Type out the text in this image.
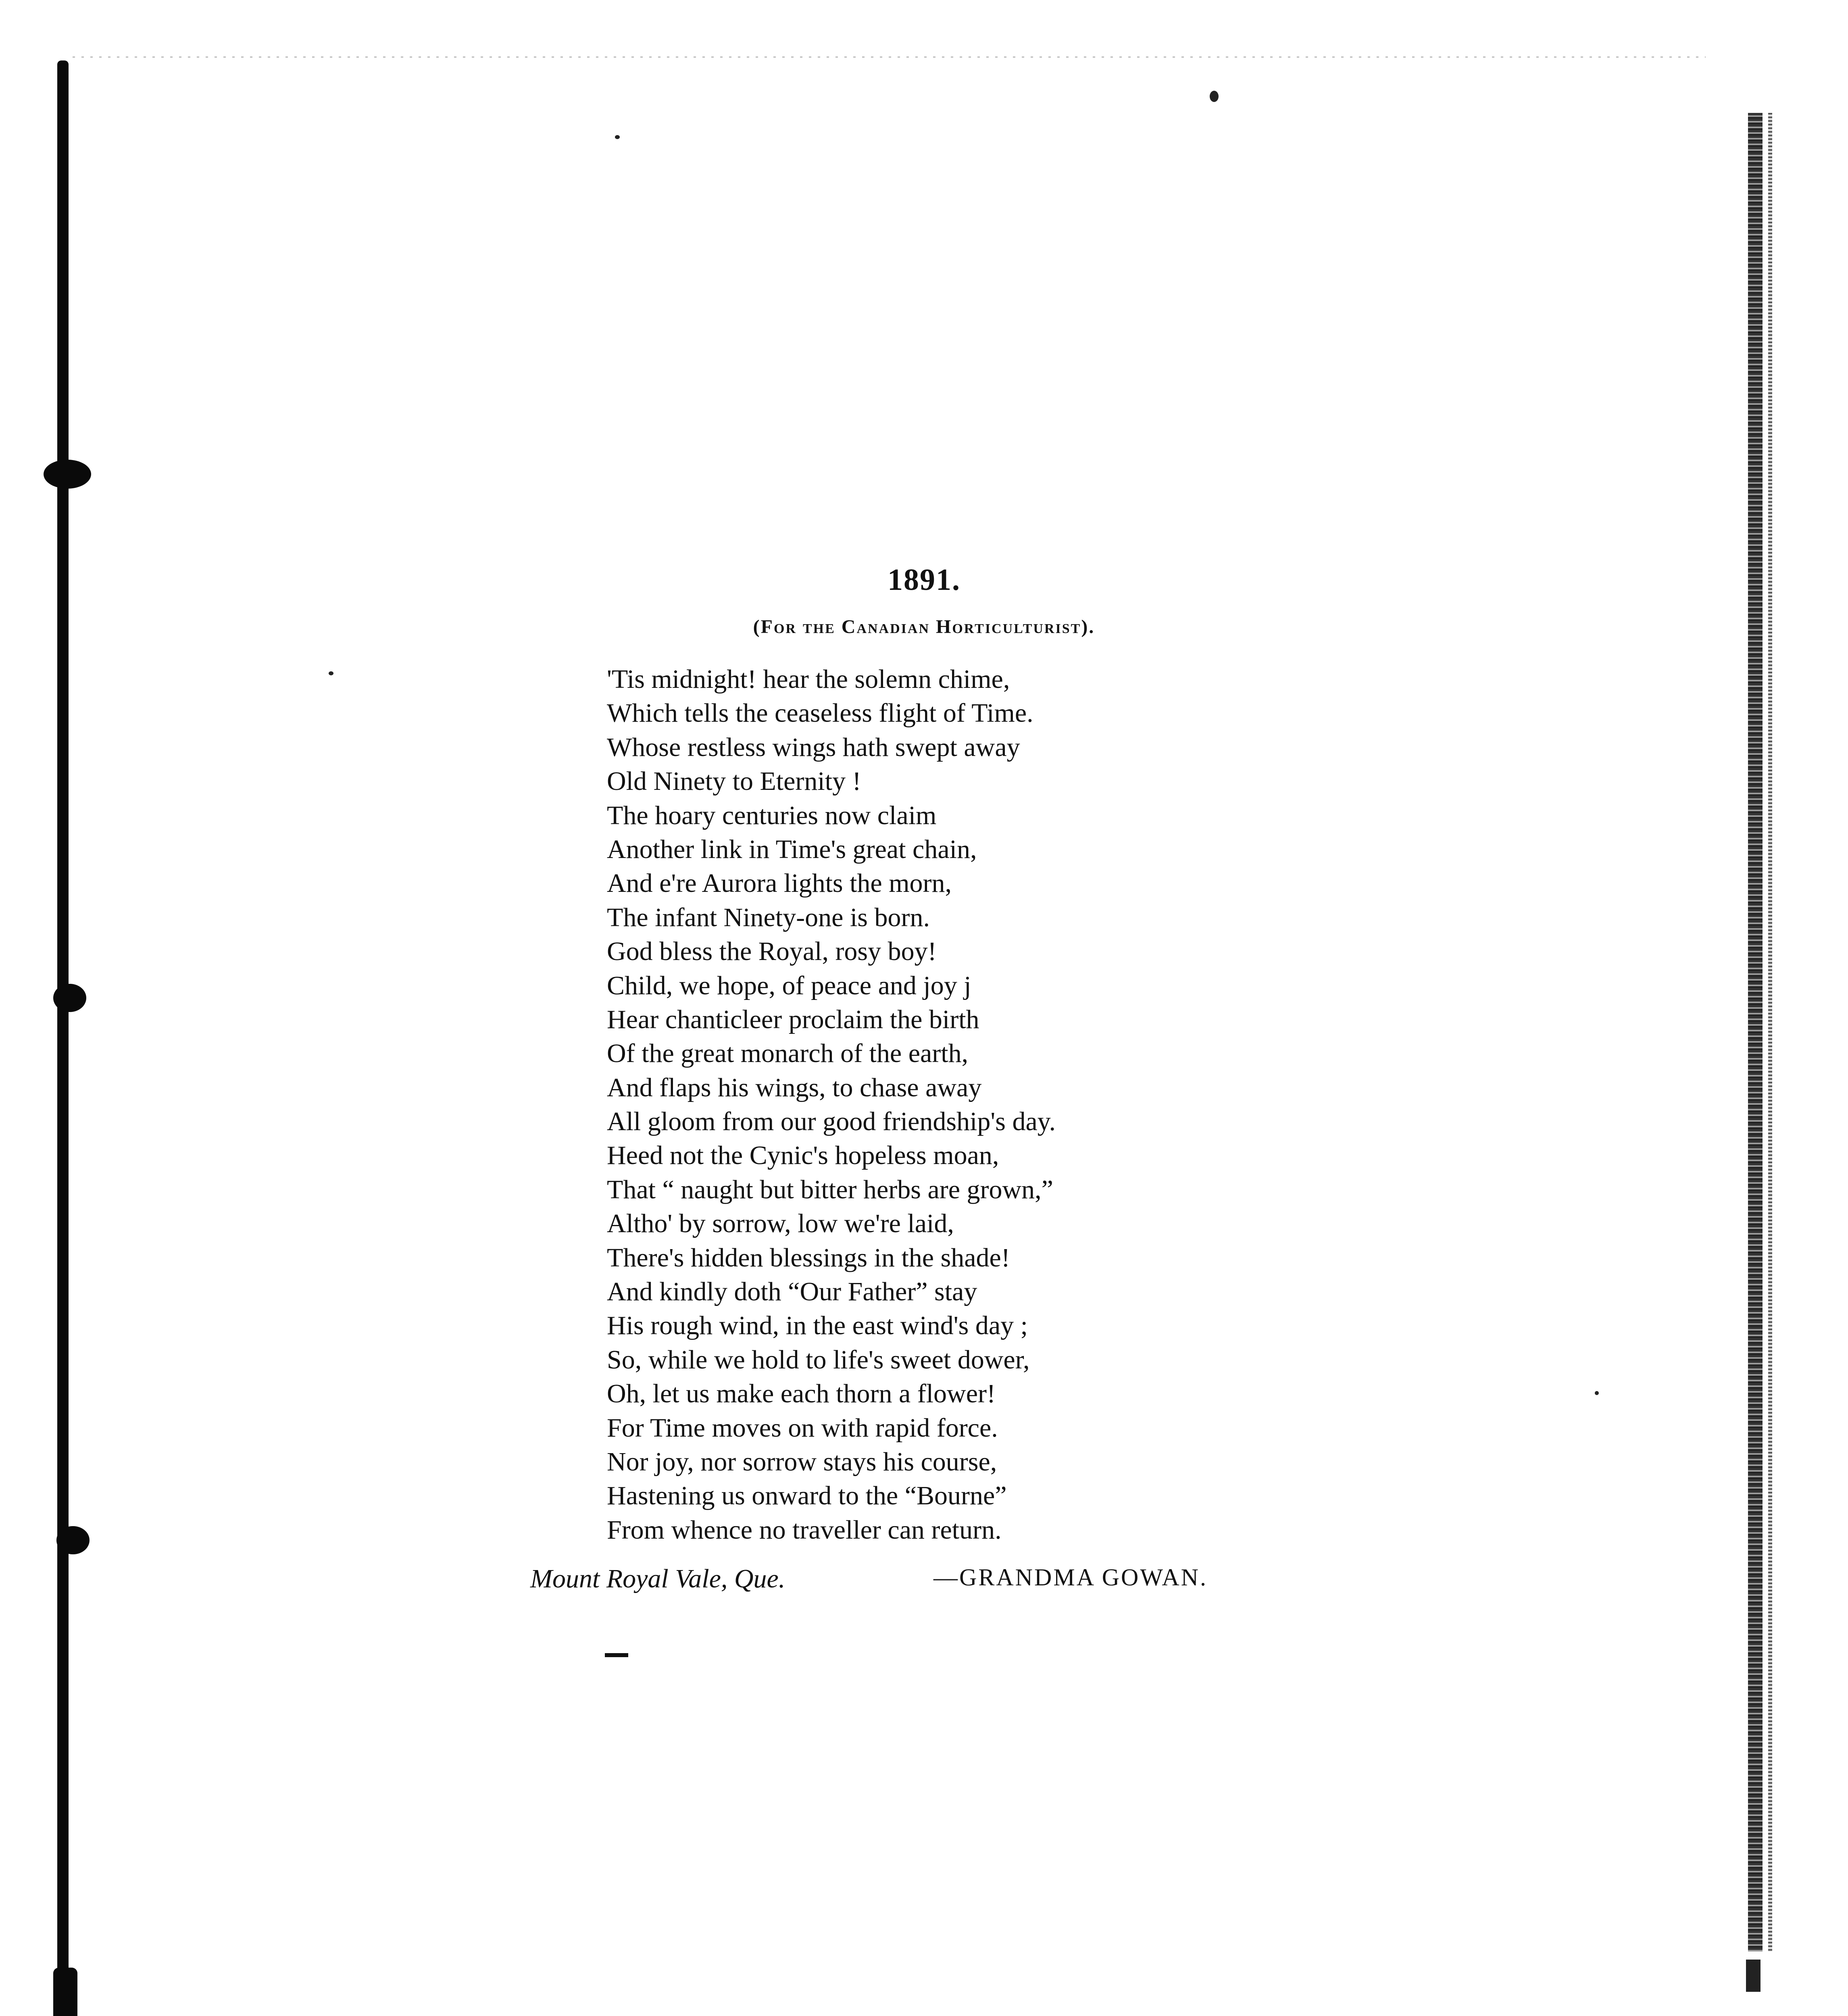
1891.
(For the Canadian Horticulturist).
'Tis midnight! hear the solemn chime,
Which tells the ceaseless flight of Time.
Whose restless wings hath swept away
Old Ninety to Eternity !
The hoary centuries now claim
Another link in Time's great chain,
And e're Aurora lights the morn,
The infant Ninety-one is born.
God bless the Royal, rosy boy!
Child, we hope, of peace and joy j
Hear chanticleer proclaim the birth
Of the great monarch of the earth,
And flaps his wings, to chase away
All gloom from our good friendship's day.
Heed not the Cynic's hopeless moan,
That “ naught but bitter herbs are grown,”
Altho' by sorrow, low we're laid,
There's hidden blessings in the shade!
And kindly doth “Our Father” stay
His rough wind, in the east wind's day ;
So, while we hold to life's sweet dower,
Oh, let us make each thorn a flower!
For Time moves on with rapid force.
Nor joy, nor sorrow stays his course,
Hastening us onward to the “Bourne”
From whence no traveller can return.
Mount Royal Vale, Que.	—GRANDMA GOWAN.
